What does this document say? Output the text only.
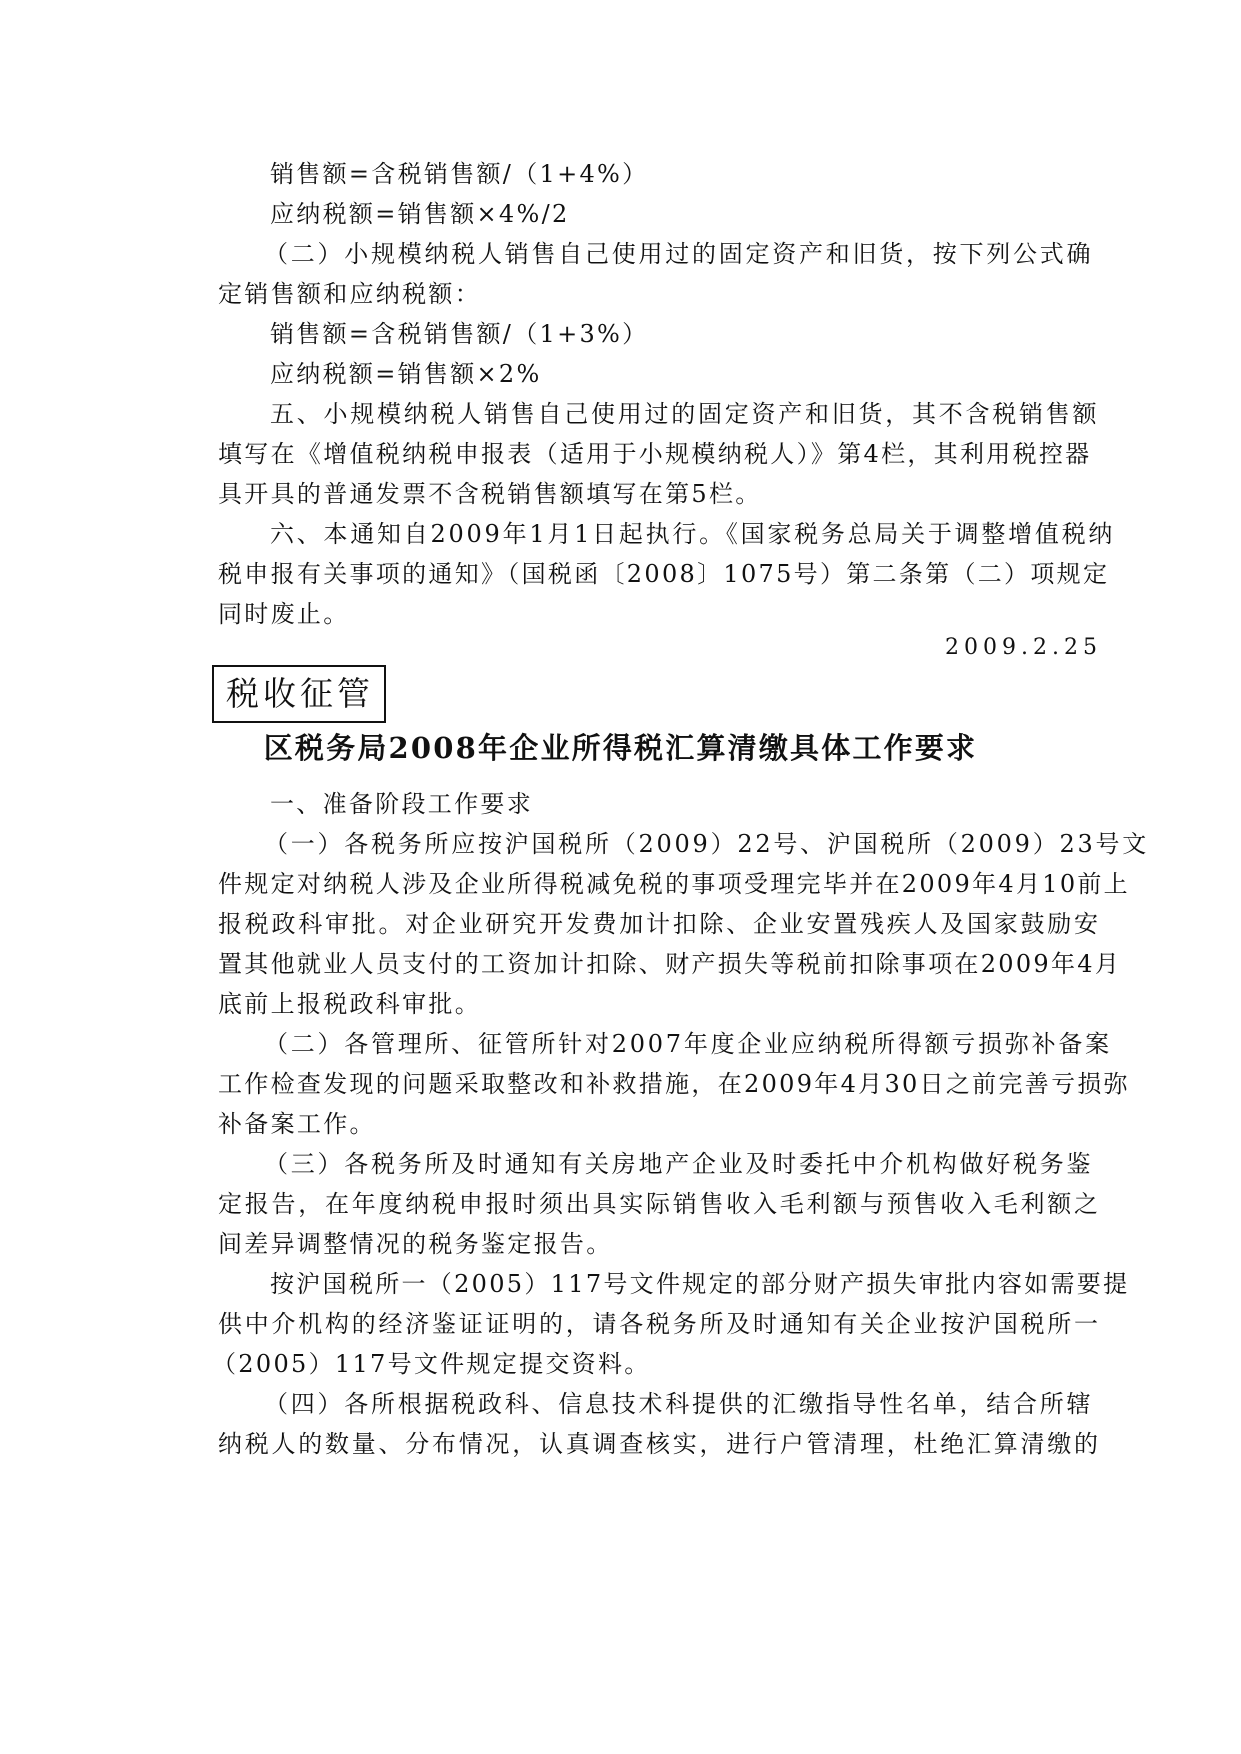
销售额=含税销售额/（1+4%）
应纳税额=销售额×4%/2
（二）小规模纳税人销售自己使用过的固定资产和旧货，按下列公式确
定销售额和应纳税额：
销售额=含税销售额/（1+3%）
应纳税额=销售额×2%
五、小规模纳税人销售自己使用过的固定资产和旧货，其不含税销售额
填写在《增值税纳税申报表（适用于小规模纳税人）》第4栏，其利用税控器
具开具的普通发票不含税销售额填写在第5栏。
六、本通知自2009年1月1日起执行。《国家税务总局关于调整增值税纳
税申报有关事项的通知》（国税函〔2008〕1075号）第二条第（二）项规定
同时废止。
2009.2.25
税收征管
区税务局2008年企业所得税汇算清缴具体工作要求
一、准备阶段工作要求
（一）各税务所应按沪国税所（2009）22号、沪国税所（2009）23号文
件规定对纳税人涉及企业所得税减免税的事项受理完毕并在2009年4月10前上
报税政科审批。对企业研究开发费加计扣除、企业安置残疾人及国家鼓励安
置其他就业人员支付的工资加计扣除、财产损失等税前扣除事项在2009年4月
底前上报税政科审批。
（二）各管理所、征管所针对2007年度企业应纳税所得额亏损弥补备案
工作检查发现的问题采取整改和补救措施，在2009年4月30日之前完善亏损弥
补备案工作。
（三）各税务所及时通知有关房地产企业及时委托中介机构做好税务鉴
定报告，在年度纳税申报时须出具实际销售收入毛利额与预售收入毛利额之
间差异调整情况的税务鉴定报告。
按沪国税所一（2005）117号文件规定的部分财产损失审批内容如需要提
供中介机构的经济鉴证证明的，请各税务所及时通知有关企业按沪国税所一
（2005）117号文件规定提交资料。
（四）各所根据税政科、信息技术科提供的汇缴指导性名单，结合所辖
纳税人的数量、分布情况，认真调查核实，进行户管清理，杜绝汇算清缴的
